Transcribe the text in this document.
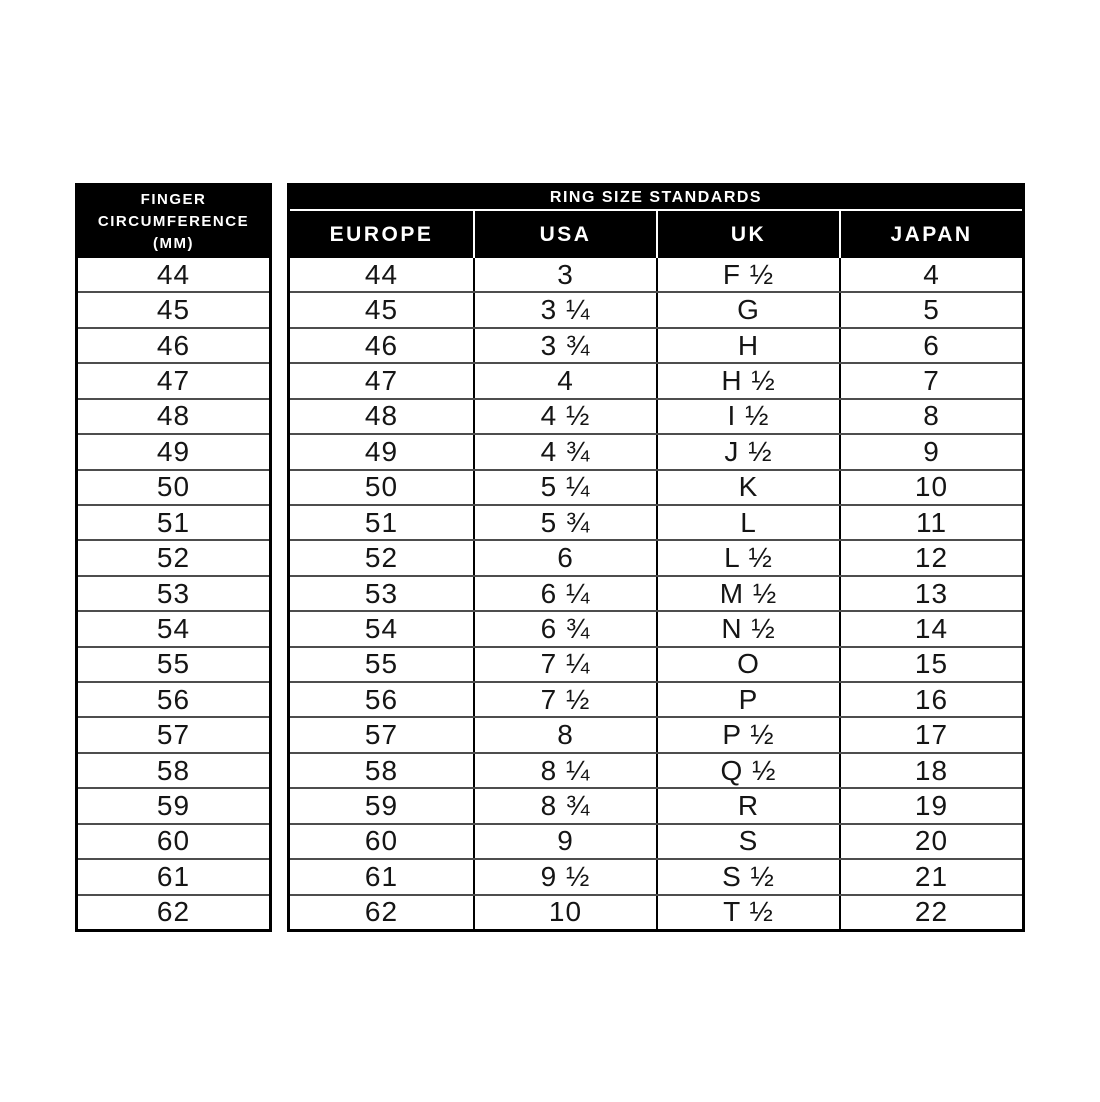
FINGER
CIRCUMFERENCE
(MM)
44
45
46
47
48
49
50
51
52
53
54
55
56
57
58
59
60
61
62
RING SIZE STANDARDS
EUROPE	USA	UK	JAPAN
44	3	F ½	4
45	3 ¼	G	5
46	3 ¾	H	6
47	4	H ½	7
48	4 ½	I ½	8
49	4 ¾	J ½	9
50	5 ¼	K	10
51	5 ¾	L	11
52	6	L ½	12
53	6 ¼	M ½	13
54	6 ¾	N ½	14
55	7 ¼	O	15
56	7 ½	P	16
57	8	P ½	17
58	8 ¼	Q ½	18
59	8 ¾	R	19
60	9	S	20
61	9 ½	S ½	21
62	10	T ½	22
